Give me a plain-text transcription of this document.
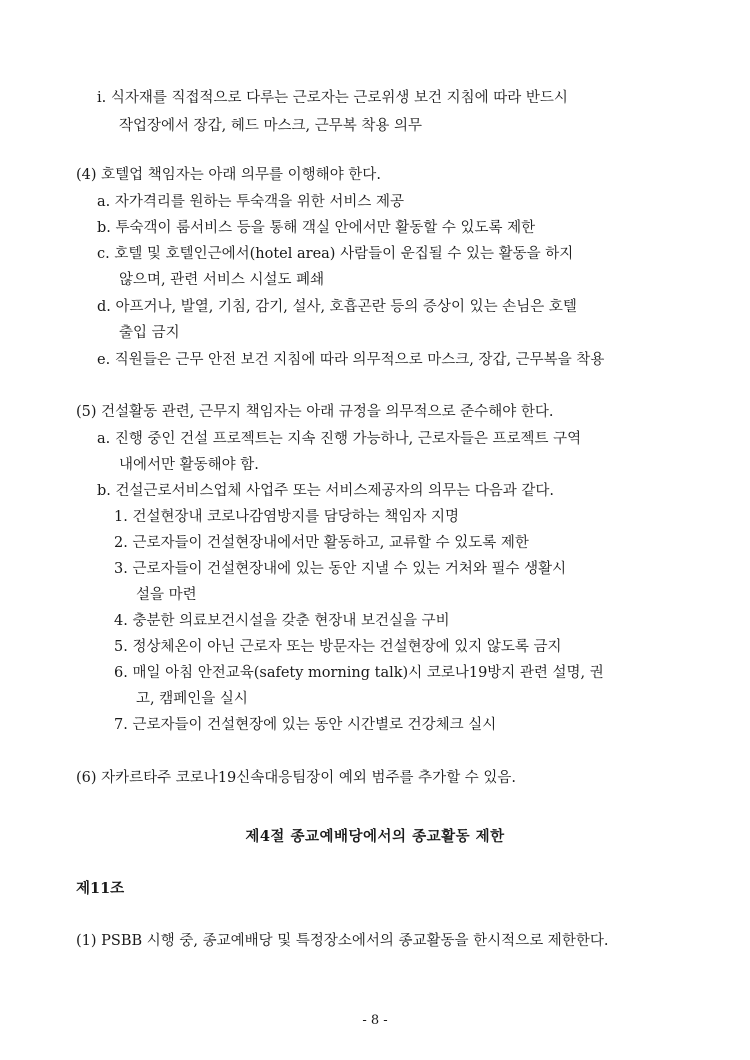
i. 식자재를 직접적으로 다루는 근로자는 근로위생 보건 지침에 따라 반드시
작업장에서 장갑, 헤드 마스크, 근무복 착용 의무
(4) 호텔업 책임자는 아래 의무를 이행해야 한다.
a. 자가격리를 원하는 투숙객을 위한 서비스 제공
b. 투숙객이 룸서비스 등을 통해 객실 안에서만 활동할 수 있도록 제한
c. 호텔 및 호텔인근에서(hotel area) 사람들이 운집될 수 있는 활동을 하지
않으며, 관련 서비스 시설도 폐쇄
d. 아프거나, 발열, 기침, 감기, 설사, 호흡곤란 등의 증상이 있는 손님은 호텔
출입 금지
e. 직원들은 근무 안전 보건 지침에 따라 의무적으로 마스크, 장갑, 근무복을 착용
(5) 건설활동 관련, 근무지 책임자는 아래 규정을 의무적으로 준수해야 한다.
a. 진행 중인 건설 프로젝트는 지속 진행 가능하나, 근로자들은 프로젝트 구역
내에서만 활동해야 함.
b. 건설근로서비스업체 사업주 또는 서비스제공자의 의무는 다음과 같다.
1. 건설현장내 코로나감염방지를 담당하는 책임자 지명
2. 근로자들이 건설현장내에서만 활동하고, 교류할 수 있도록 제한
3. 근로자들이 건설현장내에 있는 동안 지낼 수 있는 거처와 필수 생활시
설을 마련
4. 충분한 의료보건시설을 갖춘 현장내 보건실을 구비
5. 정상체온이 아닌 근로자 또는 방문자는 건설현장에 있지 않도록 금지
6. 매일 아침 안전교육(safety morning talk)시 코로나19방지 관련 설명, 권
고, 캠페인을 실시
7. 근로자들이 건설현장에 있는 동안 시간별로 건강체크 실시
(6) 자카르타주 코로나19신속대응팀장이 예외 범주를 추가할 수 있음.
제4절 종교예배당에서의 종교활동 제한
제11조
(1) PSBB 시행 중, 종교예배당 및 특정장소에서의 종교활동을 한시적으로 제한한다.
- 8 -
